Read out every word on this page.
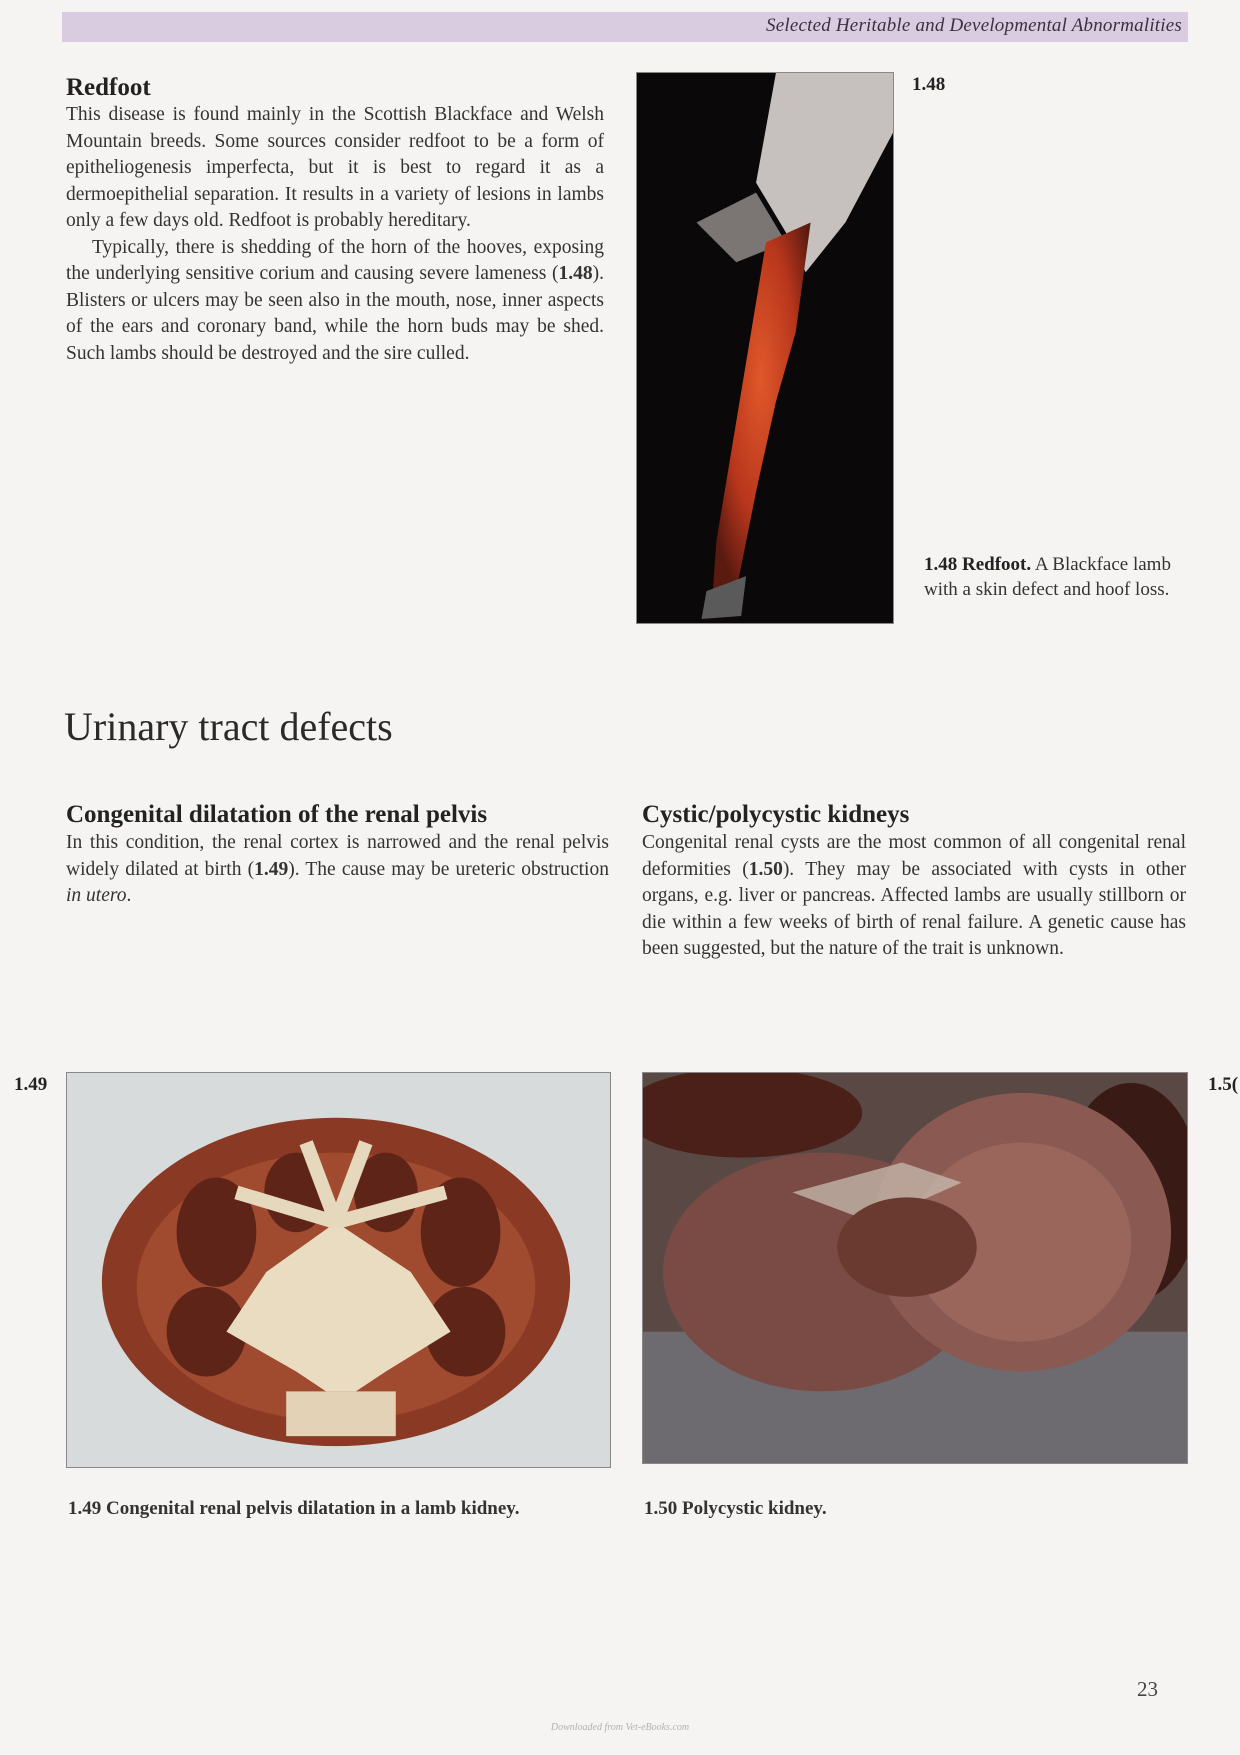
Selected Heritable and Developmental Abnormalities
Redfoot

This disease is found mainly in the Scottish Blackface and Welsh Mountain breeds. Some sources consider redfoot to be a form of epitheliogenesis imperfecta, but it is best to regard it as a dermoepithelial separation. It results in a variety of lesions in lambs only a few days old. Redfoot is probably hereditary.

Typically, there is shedding of the horn of the hooves, exposing the underlying sensitive corium and causing severe lameness (1.48). Blisters or ulcers may be seen also in the mouth, nose, inner aspects of the ears and coronary band, while the horn buds may be shed. Such lambs should be destroyed and the sire culled.

1.48
1.48 Redfoot. A Blackface lamb with a skin defect and hoof loss.
Urinary tract defects
Congenital dilatation of the renal pelvis
In this condition, the renal cortex is narrowed and the renal pelvis widely dilated at birth (1.49). The cause may be ureteric obstruction in utero.
Cystic/polycystic kidneys
Congenital renal cysts are the most common of all congenital renal deformities (1.50). They may be associated with cysts in other organs, e.g. liver or pancreas. Affected lambs are usually stillborn or die within a few weeks of birth of renal failure. A genetic cause has been suggested, but the nature of the trait is unknown.
1.49
1.49 Congenital renal pelvis dilatation in a lamb kidney.
1.5(
1.50 Polycystic kidney.
23
Downloaded from Vet-eBooks.com
